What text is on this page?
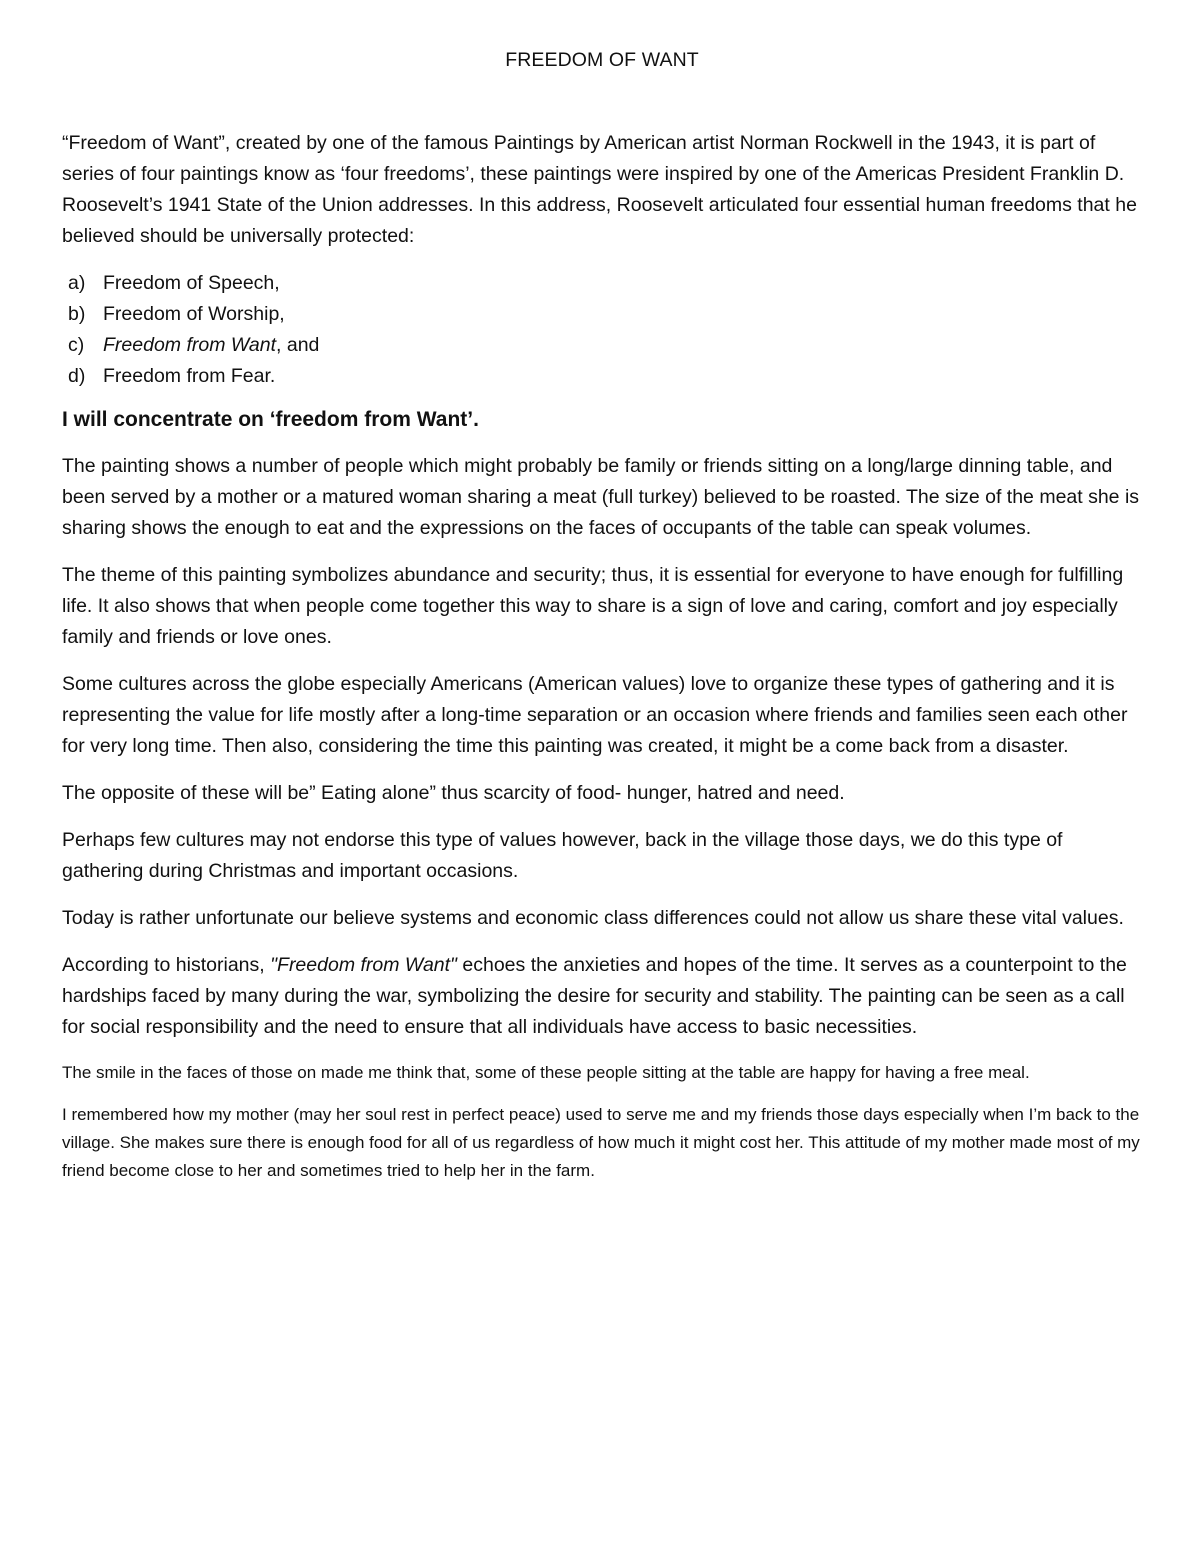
FREEDOM OF WANT

“Freedom of Want”, created by one of the famous Paintings by American artist Norman Rockwell in the 1943, it is part of series of four paintings know as ‘four freedoms’, these paintings were inspired by one of the Americas President Franklin D. Roosevelt’s 1941 State of the Union addresses. In this address, Roosevelt articulated four essential human freedoms that he believed should be universally protected:

a) Freedom of Speech,
b) Freedom of Worship,
c) Freedom from Want, and
d) Freedom from Fear.
I will concentrate on ‘freedom from Want’.

The painting shows a number of people which might probably be family or friends sitting on a long/large dinning table, and been served by a mother or a matured woman sharing a meat (full turkey) believed to be roasted. The size of the meat she is sharing shows the enough to eat and the expressions on the faces of occupants of the table can speak volumes.

The theme of this painting symbolizes abundance and security; thus, it is essential for everyone to have enough for fulfilling life. It also shows that when people come together this way to share is a sign of love and caring, comfort and joy especially family and friends or love ones.

Some cultures across the globe especially Americans (American values) love to organize these types of gathering and it is representing the value for life mostly after a long-time separation or an occasion where friends and families seen each other for very long time. Then also, considering the time this painting was created, it might be a come back from a disaster.

The opposite of these will be” Eating alone” thus scarcity of food- hunger, hatred and need.

Perhaps few cultures may not endorse this type of values however, back in the village those days, we do this type of gathering during Christmas and important occasions.

Today is rather unfortunate our believe systems and economic class differences could not allow us share these vital values.

According to historians, "Freedom from Want" echoes the anxieties and hopes of the time. It serves as a counterpoint to the hardships faced by many during the war, symbolizing the desire for security and stability. The painting can be seen as a call for social responsibility and the need to ensure that all individuals have access to basic necessities.

The smile in the faces of those on made me think that, some of these people sitting at the table are happy for having a free meal.

I remembered how my mother (may her soul rest in perfect peace) used to serve me and my friends those days especially when I’m back to the village. She makes sure there is enough food for all of us regardless of how much it might cost her. This attitude of my mother made most of my friend become close to her and sometimes tried to help her in the farm.
